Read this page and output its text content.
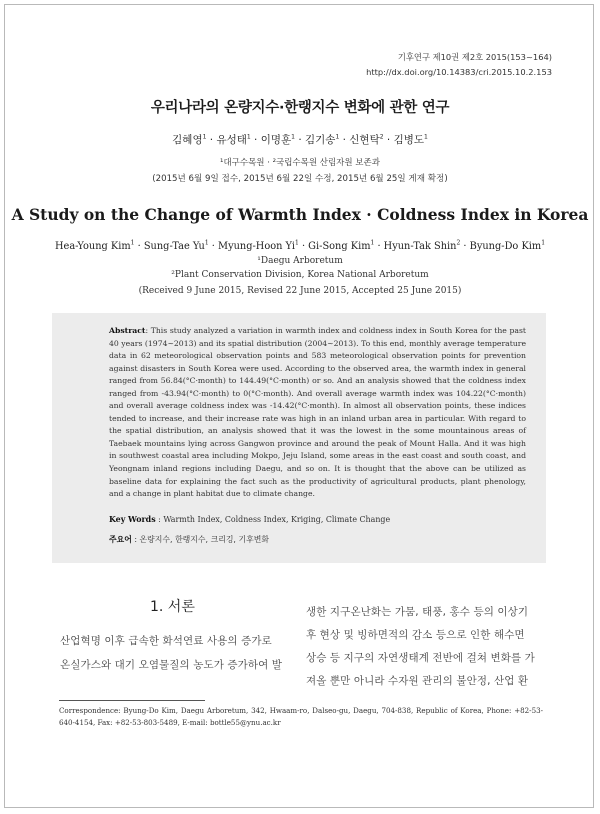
기후연구 제10권 제2호 2015(153~164)
http://dx.doi.org/10.14383/cri.2015.10.2.153
우리나라의 온량지수·한랭지수 변화에 관한 연구
김혜영$^1$ · 유성태$^1$ · 이명훈$^1$ · 김기송$^1$ · 신현탁$^2$ · 김병도$^1$
¹대구수목원 · ²국립수목원 산림자원 보존과
(2015년 6월 9일 접수, 2015년 6월 22일 수정, 2015년 6월 25일 게재 확정)
A Study on the Change of Warmth Index · Coldness Index in Korea
Hea-Young Kim$^1$ · Sung-Tae $Yu^1$ · Myung-Hoon $Yi^1$ · Gi-Song Kim$^1$ · Hyun-Tak Shin$^2$ · Byung-Do Kim$^1$
¹Daegu Arboretum
²Plant Conservation Division, Korea National Arboretum
(Received 9 June 2015, Revised 22 June 2015, Accepted 25 June 2015)

Abstract: This study analyzed a variation in warmth index and coldness index in South Korea for the past 40 years (1974~2013) and its spatial distribution (2004~2013). To this end, monthly average temperature data in 62 meteorological observation points and 583 meteorological observation points for prevention against disasters in South Korea were used. According to the observed area, the warmth index in general ranged from 56.84(°C·month) to 144.49(°C·month) or so. And an analysis showed that the coldness index ranged from -43.94(°C·month) to 0(°C·month). And overall average warmth index was 104.22(°C·month) and overall average coldness index was -14.42(°C·month). In almost all observation points, these indices tended to increase, and their increase rate was high in an inland urban area in particular. With regard to the spatial distribution, an analysis showed that it was the lowest in the some mountainous areas of Taebaek mountains lying across Gangwon province and around the peak of Mount Halla. And it was high in southwest coastal area including Mokpo, Jeju Island, some areas in the east coast and south coast, and Yeongnam inland regions including Daegu, and so on. It is thought that the above can be utilized as baseline data for explaining the fact such as the productivity of agricultural products, plant phenology, and a change in plant habitat due to climate change.

Key Words : Warmth Index, Coldness Index, Kriging, Climate Change
주요어 : 온량지수, 한랭지수, 크리깅, 기후변화
1. 서론
산업혁명 이후 급속한 화석연료 사용의 증가로
온실가스와 대기 오염물질의 농도가 증가하여 발
생한 지구온난화는 가뭄, 태풍, 홍수 등의 이상기
후 현상 및 빙하면적의 감소 등으로 인한 해수면
상승 등 지구의 자연생태계 전반에 걸쳐 변화를 가
져올 뿐만 아니라 수자원 관리의 불안정, 산업 환

Correspondence: Byung-Do Kim, Daegu Arboretum, 342, Hwaam-ro, Dalseo-gu, Daegu, 704-838, Republic of Korea, Phone: +82-53-640-4154, Fax: +82-53-803-5489, E-mail: bottle55@ynu.ac.kr
